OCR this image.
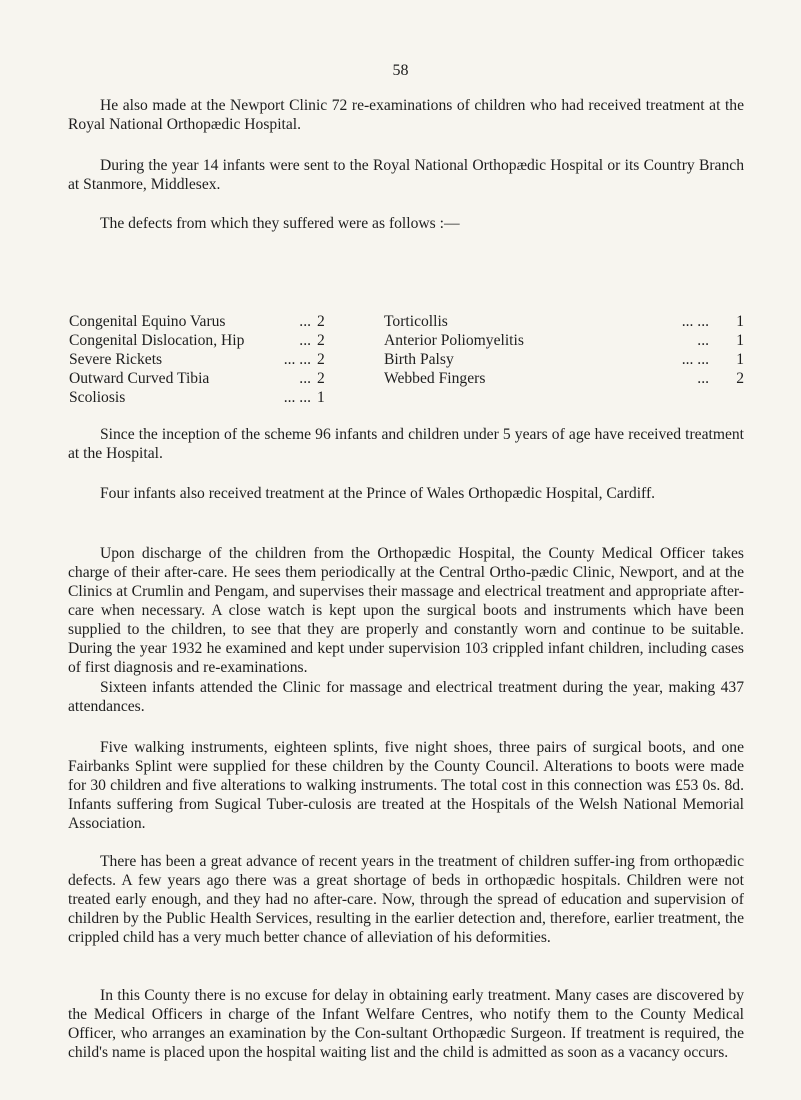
58

He also made at the Newport Clinic 72 re-examinations of children who had received treatment at the Royal National Orthopædic Hospital.

During the year 14 infants were sent to the Royal National Orthopædic Hospital or its Country Branch at Stanmore, Middlesex.

The defects from which they suffered were as follows :—

Congenital Equino Varus	... 2	Torticollis	... ...	1
Congenital Dislocation, Hip	... 2	Anterior Poliomyelitis	...	1
Severe Rickets	... ... 2	Birth Palsy	... ...	1
Outward Curved Tibia	... 2	Webbed Fingers	...	2
Scoliosis	... ... 1

Since the inception of the scheme 96 infants and children under 5 years of age have received treatment at the Hospital.

Four infants also received treatment at the Prince of Wales Orthopædic Hospital, Cardiff.

Upon discharge of the children from the Orthopædic Hospital, the County Medical Officer takes charge of their after-care. He sees them periodically at the Central Ortho-pædic Clinic, Newport, and at the Clinics at Crumlin and Pengam, and supervises their massage and electrical treatment and appropriate after-care when necessary. A close watch is kept upon the surgical boots and instruments which have been supplied to the children, to see that they are properly and constantly worn and continue to be suitable. During the year 1932 he examined and kept under supervision 103 crippled infant children, including cases of first diagnosis and re-examinations.

Sixteen infants attended the Clinic for massage and electrical treatment during the year, making 437 attendances.

Five walking instruments, eighteen splints, five night shoes, three pairs of surgical boots, and one Fairbanks Splint were supplied for these children by the County Council. Alterations to boots were made for 30 children and five alterations to walking instruments. The total cost in this connection was £53 0s. 8d. Infants suffering from Sugical Tuber-culosis are treated at the Hospitals of the Welsh National Memorial Association.

There has been a great advance of recent years in the treatment of children suffer-ing from orthopædic defects. A few years ago there was a great shortage of beds in orthopædic hospitals. Children were not treated early enough, and they had no after-care. Now, through the spread of education and supervision of children by the Public Health Services, resulting in the earlier detection and, therefore, earlier treatment, the crippled child has a very much better chance of alleviation of his deformities.

In this County there is no excuse for delay in obtaining early treatment. Many cases are discovered by the Medical Officers in charge of the Infant Welfare Centres, who notify them to the County Medical Officer, who arranges an examination by the Con-sultant Orthopædic Surgeon. If treatment is required, the child's name is placed upon the hospital waiting list and the child is admitted as soon as a vacancy occurs.
